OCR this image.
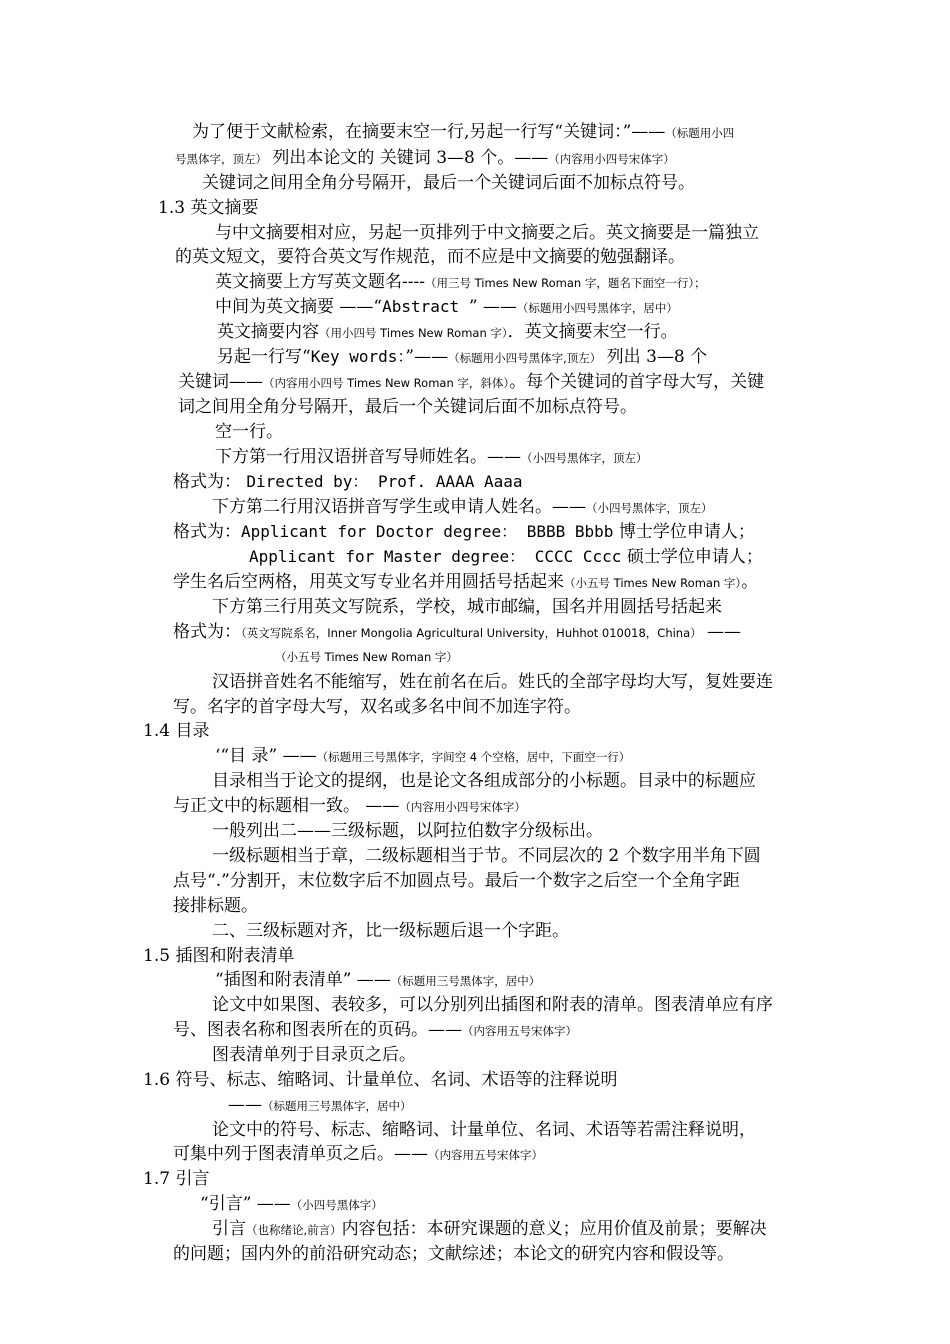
为了便于文献检索，在摘要末空一行,另起一行写“关键词：”——（标题用小四
号黑体字，顶左） 列出本论文的 关键词 3—8 个。——（内容用小四号宋体字）
关键词之间用全角分号隔开，最后一个关键词后面不加标点符号。
1.3 英文摘要
与中文摘要相对应，另起一页排列于中文摘要之后。英文摘要是一篇独立
的英文短文，要符合英文写作规范，而不应是中文摘要的勉强翻译。
英文摘要上方写英文题名----（用三号 Times New Roman 字，题名下面空一行）；
中间为英文摘要 ——“Abstract ” ——（标题用小四号黑体字，居中）
英文摘要内容（用小四号 Times New Roman 字）．英文摘要末空一行。
另起一行写“Key words：”——（标题用小四号黑体字,顶左） 列出 3—8 个
关键词——（内容用小四号 Times New Roman 字，斜体）。每个关键词的首字母大写，关键
词之间用全角分号隔开，最后一个关键词后面不加标点符号。
空一行。
下方第一行用汉语拼音写导师姓名。——（小四号黑体字，顶左）
格式为： Directed by： Prof. AAAA Aaaa
下方第二行用汉语拼音写学生或申请人姓名。——（小四号黑体字，顶左）
格式为：Applicant for Doctor degree： BBBB Bbbb 博士学位申请人；
Applicant for Master degree： CCCC Cccc 硕士学位申请人；
学生名后空两格，用英文写专业名并用圆括号括起来（小五号 Times New Roman 字）。
下方第三行用英文写院系，学校，城市邮编，国名并用圆括号括起来
格式为：（英文写院系名，Inner Mongolia Agricultural University，Huhhot 010018，China） ——
（小五号 Times New Roman 字）
汉语拼音姓名不能缩写，姓在前名在后。姓氏的全部字母均大写，复姓要连
写。名字的首字母大写，双名或多名中间不加连字符。
1.4 目录
‘“目 录” ——（标题用三号黑体字，字间空 4 个空格，居中，下面空一行）
目录相当于论文的提纲，也是论文各组成部分的小标题。目录中的标题应
与正文中的标题相一致。 ——（内容用小四号宋体字）
一般列出二——三级标题，以阿拉伯数字分级标出。
一级标题相当于章，二级标题相当于节。不同层次的 2 个数字用半角下圆
点号“.”分割开，末位数字后不加圆点号。最后一个数字之后空一个全角字距
接排标题。
二、三级标题对齐，比一级标题后退一个字距。
1.5 插图和附表清单
“插图和附表清单” ——（标题用三号黑体字，居中）
论文中如果图、表较多，可以分别列出插图和附表的清单。图表清单应有序
号、图表名称和图表所在的页码。——（内容用五号宋体字）
图表清单列于目录页之后。
1.6 符号、标志、缩略词、计量单位、名词、术语等的注释说明
——（标题用三号黑体字，居中）
论文中的符号、标志、缩略词、计量单位、名词、术语等若需注释说明，
可集中列于图表清单页之后。——（内容用五号宋体字）
1.7 引言
“引言” ——（小四号黑体字）
引言（也称绪论,前言）内容包括：本研究课题的意义；应用价值及前景；要解决
的问题；国内外的前沿研究动态；文献综述；本论文的研究内容和假设等。
